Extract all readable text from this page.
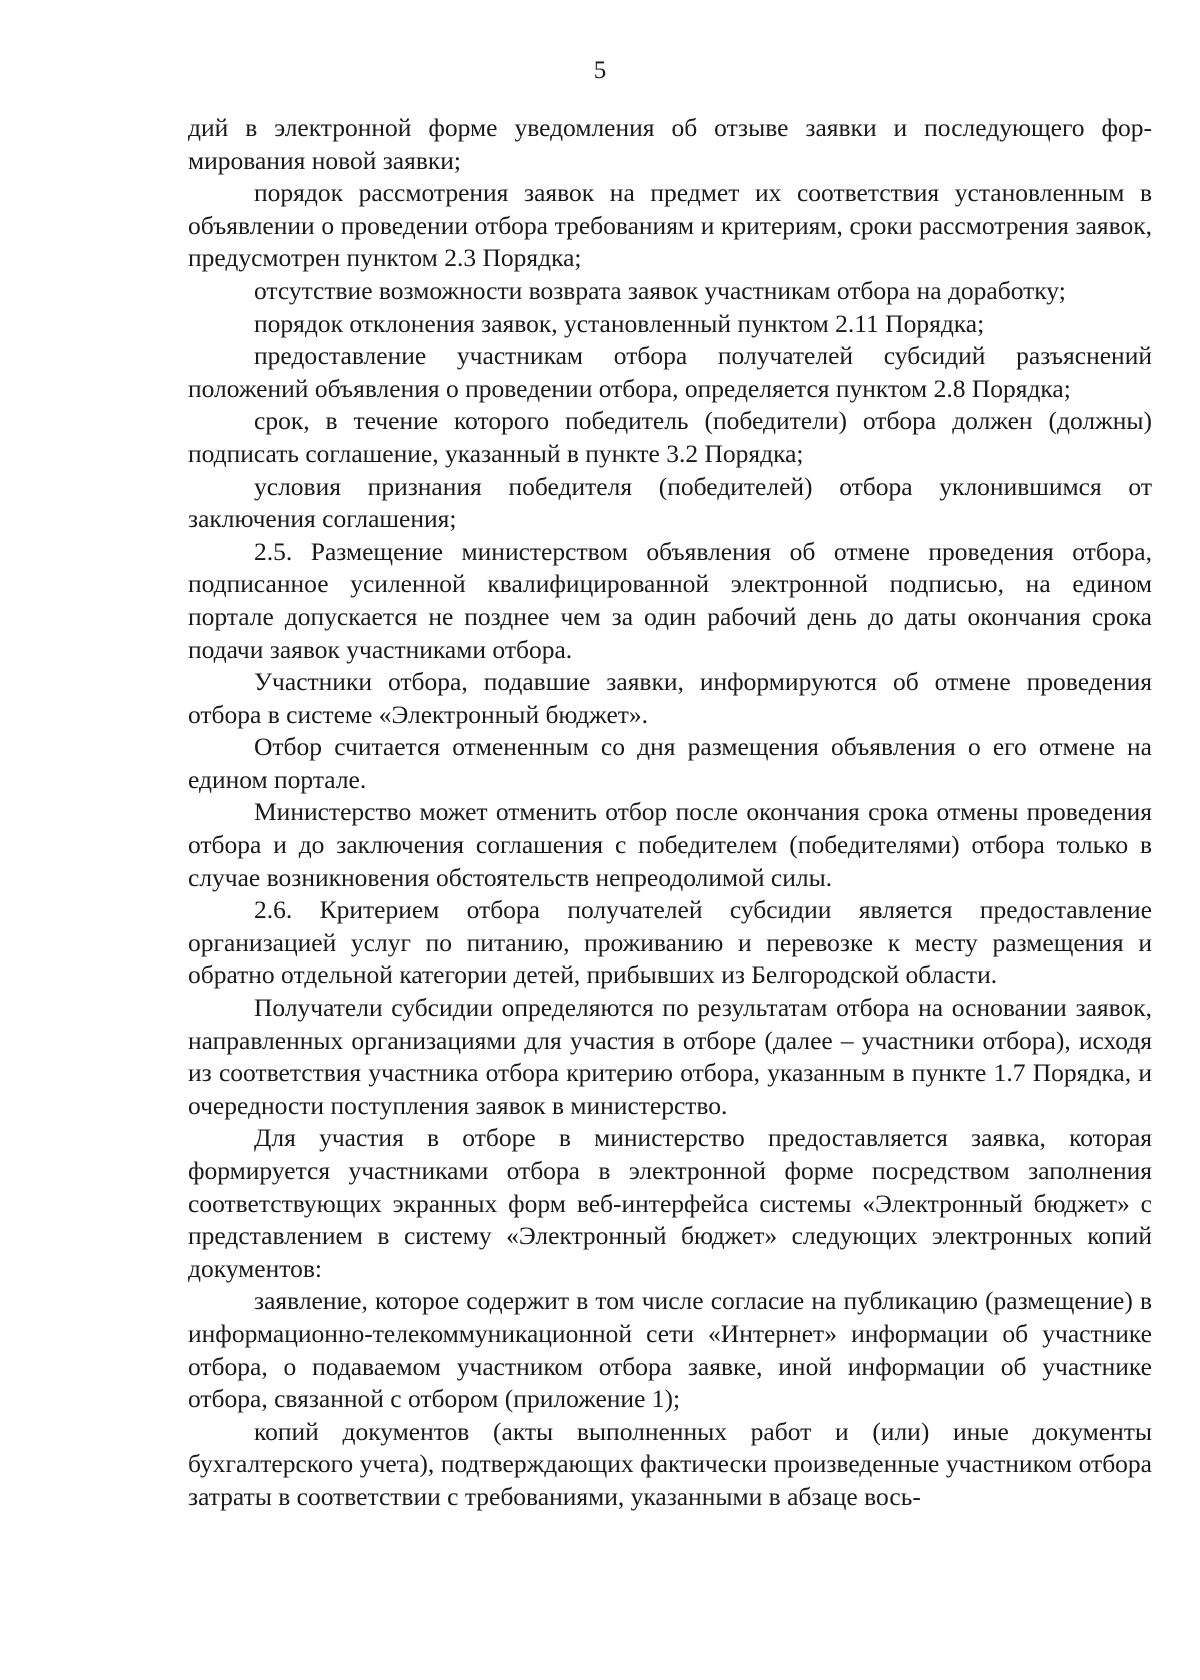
5

дий в электронной форме уведомления об отзыве заявки и последующего формирования новой заявки;

порядок рассмотрения заявок на предмет их соответствия установленным в объявлении о проведении отбора требованиям и критериям, сроки рассмотрения заявок, предусмотрен пунктом 2.3 Порядка;

отсутствие возможности возврата заявок участникам отбора на доработку;

порядок отклонения заявок, установленный пунктом 2.11 Порядка;

предоставление участникам отбора получателей субсидий разъяснений положений объявления о проведении отбора, определяется пунктом 2.8 Порядка;

срок, в течение которого победитель (победители) отбора должен (должны) подписать соглашение, указанный в пункте 3.2 Порядка;

условия признания победителя (победителей) отбора уклонившимся от заключения соглашения;

2.5. Размещение министерством объявления об отмене проведения отбора, подписанное усиленной квалифицированной электронной подписью, на едином портале допускается не позднее чем за один рабочий день до даты окончания срока подачи заявок участниками отбора.

Участники отбора, подавшие заявки, информируются об отмене проведения отбора в системе «Электронный бюджет».

Отбор считается отмененным со дня размещения объявления о его отмене на едином портале.

Министерство может отменить отбор после окончания срока отмены проведения отбора и до заключения соглашения с победителем (победителями) отбора только в случае возникновения обстоятельств непреодолимой силы.

2.6. Критерием отбора получателей субсидии является предоставление организацией услуг по питанию, проживанию и перевозке к месту размещения и обратно отдельной категории детей, прибывших из Белгородской области.

Получатели субсидии определяются по результатам отбора на основании заявок, направленных организациями для участия в отборе (далее – участники отбора), исходя из соответствия участника отбора критерию отбора, указанным в пункте 1.7 Порядка, и очередности поступления заявок в министерство.

Для участия в отборе в министерство предоставляется заявка, которая формируется участниками отбора в электронной форме посредством заполнения соответствующих экранных форм веб-интерфейса системы «Электронный бюджет» с представлением в систему «Электронный бюджет» следующих электронных копий документов:

заявление, которое содержит в том числе согласие на публикацию (размещение) в информационно-телекоммуникационной сети «Интернет» информации об участнике отбора, о подаваемом участником отбора заявке, иной информации об участнике отбора, связанной с отбором (приложение 1);

копий документов (акты выполненных работ и (или) иные документы бухгалтерского учета), подтверждающих фактически произведенные участником отбора затраты в соответствии с требованиями, указанными в абзаце вось-
